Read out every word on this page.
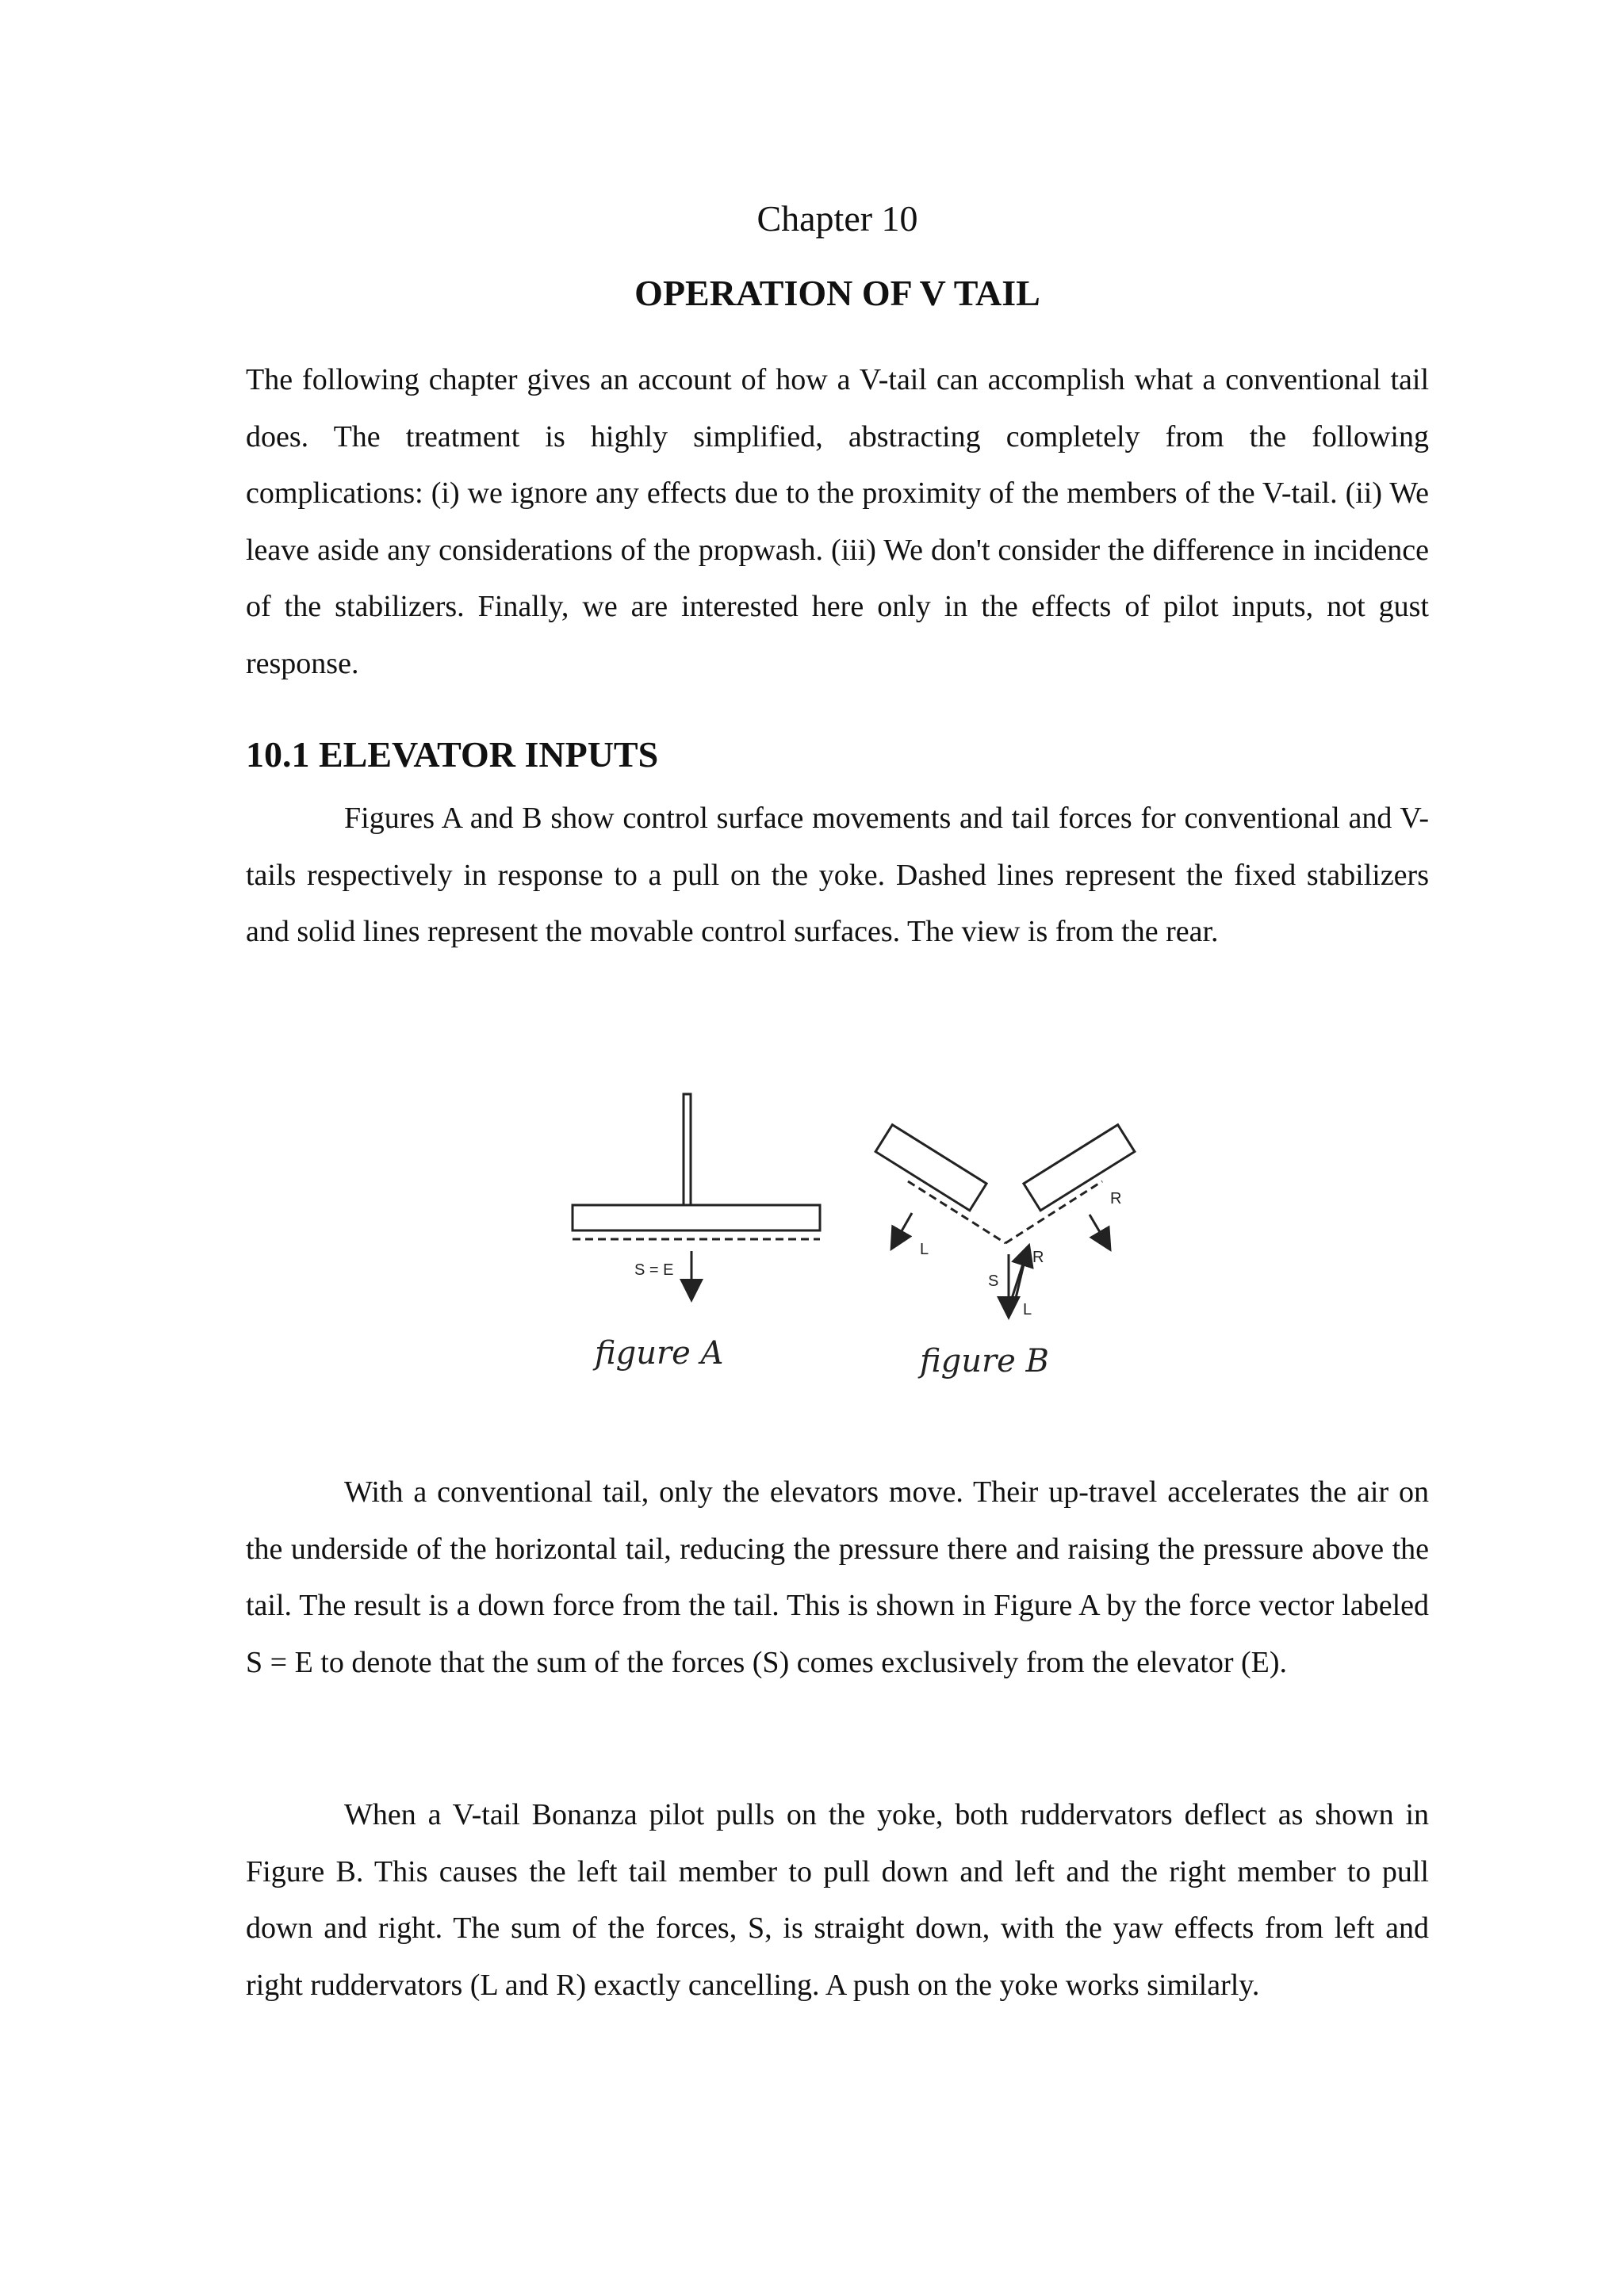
Chapter 10
OPERATION OF V TAIL

The following chapter gives an account of how a V-tail can accomplish what a conventional tail does. The treatment is highly simplified, abstracting completely from the following complications: (i) we ignore any effects due to the proximity of the members of the V-tail. (ii) We leave aside any considerations of the propwash. (iii) We don't consider the difference in incidence of the stabilizers. Finally, we are interested here only in the effects of pilot inputs, not gust response.

10.1 ELEVATOR INPUTS

Figures A and B show control surface movements and tail forces for conventional and V-tails respectively in response to a pull on the yoke. Dashed lines represent the fixed stabilizers and solid lines represent the movable control surfaces. The view is from the rear.

S = E
figure A
L
R
S
R
L
figure B

With a conventional tail, only the elevators move. Their up-travel accelerates the air on the underside of the horizontal tail, reducing the pressure there and raising the pressure above the tail. The result is a down force from the tail. This is shown in Figure A by the force vector labeled S = E to denote that the sum of the forces (S) comes exclusively from the elevator (E).

When a V-tail Bonanza pilot pulls on the yoke, both ruddervators deflect as shown in Figure B. This causes the left tail member to pull down and left and the right member to pull down and right. The sum of the forces, S, is straight down, with the yaw effects from left and right ruddervators (L and R) exactly cancelling. A push on the yoke works similarly.
